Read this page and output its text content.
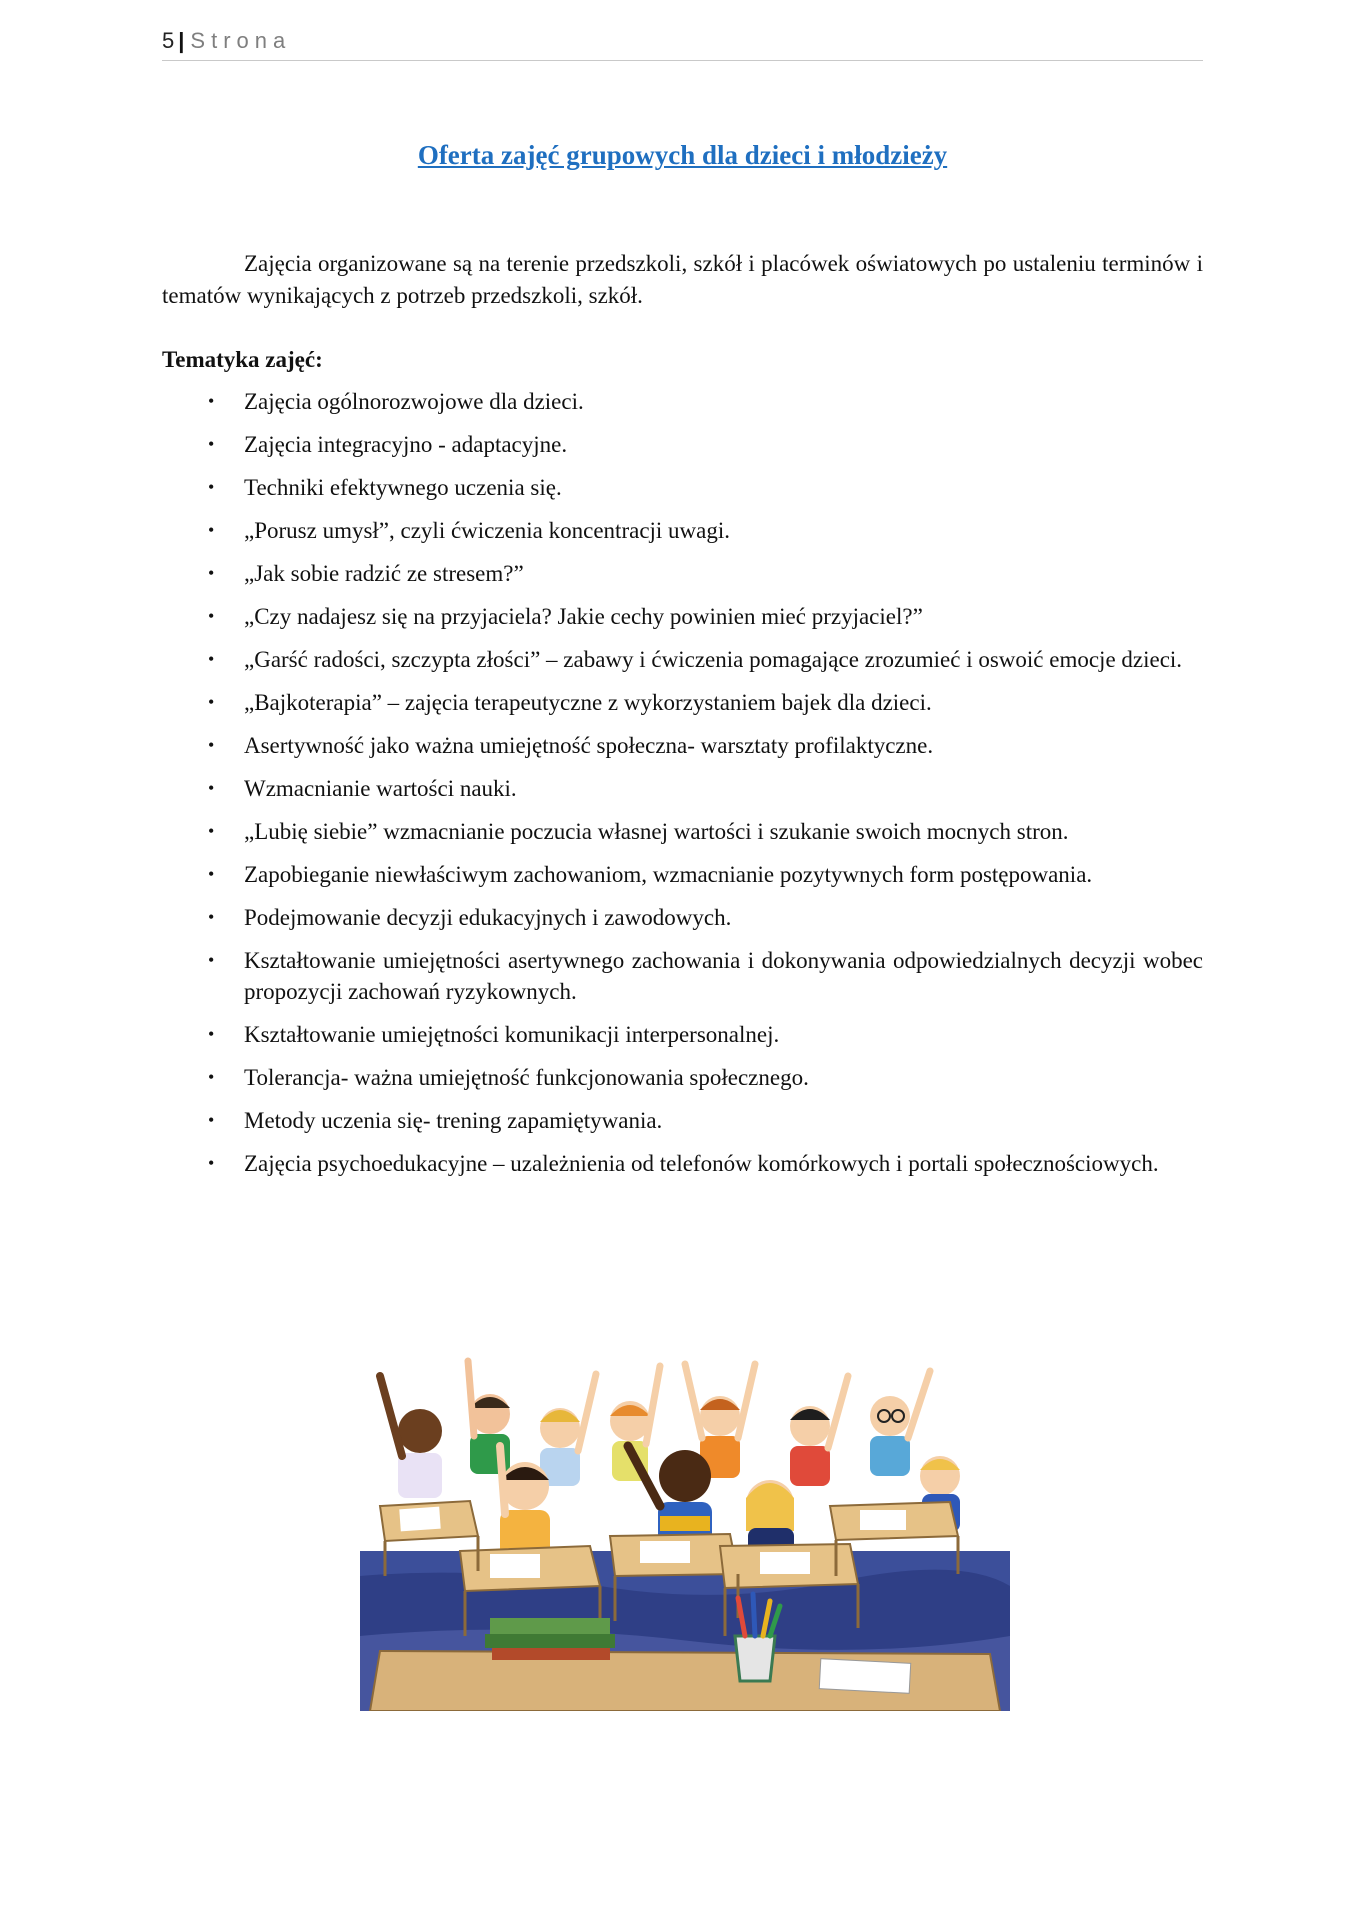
5 | Strona
Oferta zajęć grupowych dla dzieci i młodzieży

Zajęcia organizowane są na terenie przedszkoli, szkół i placówek oświatowych po ustaleniu terminów i tematów wynikających z potrzeb przedszkoli, szkół.

Tematyka zajęć:
• Zajęcia ogólnorozwojowe dla dzieci.
• Zajęcia integracyjno - adaptacyjne.
• Techniki efektywnego uczenia się.
• „Porusz umysł”, czyli ćwiczenia koncentracji uwagi.
• „Jak sobie radzić ze stresem?”
• „Czy nadajesz się na przyjaciela? Jakie cechy powinien mieć przyjaciel?”
• „Garść radości, szczypta złości” – zabawy i ćwiczenia pomagające zrozumieć i oswoić emocje dzieci.
• „Bajkoterapia” – zajęcia terapeutyczne z wykorzystaniem bajek dla dzieci.
• Asertywność jako ważna umiejętność społeczna- warsztaty profilaktyczne.
• Wzmacnianie wartości nauki.
• „Lubię siebie” wzmacnianie poczucia własnej wartości i szukanie swoich mocnych stron.
• Zapobieganie niewłaściwym zachowaniom, wzmacnianie pozytywnych form postępowania.
• Podejmowanie decyzji edukacyjnych i zawodowych.
• Kształtowanie umiejętności asertywnego zachowania i dokonywania odpowiedzialnych decyzji wobec propozycji zachowań ryzykownych.
• Kształtowanie umiejętności komunikacji interpersonalnej.
• Tolerancja- ważna umiejętność funkcjonowania społecznego.
• Metody uczenia się- trening zapamiętywania.
• Zajęcia psychoedukacyjne – uzależnienia od telefonów komórkowych i portali społecznościowych.
